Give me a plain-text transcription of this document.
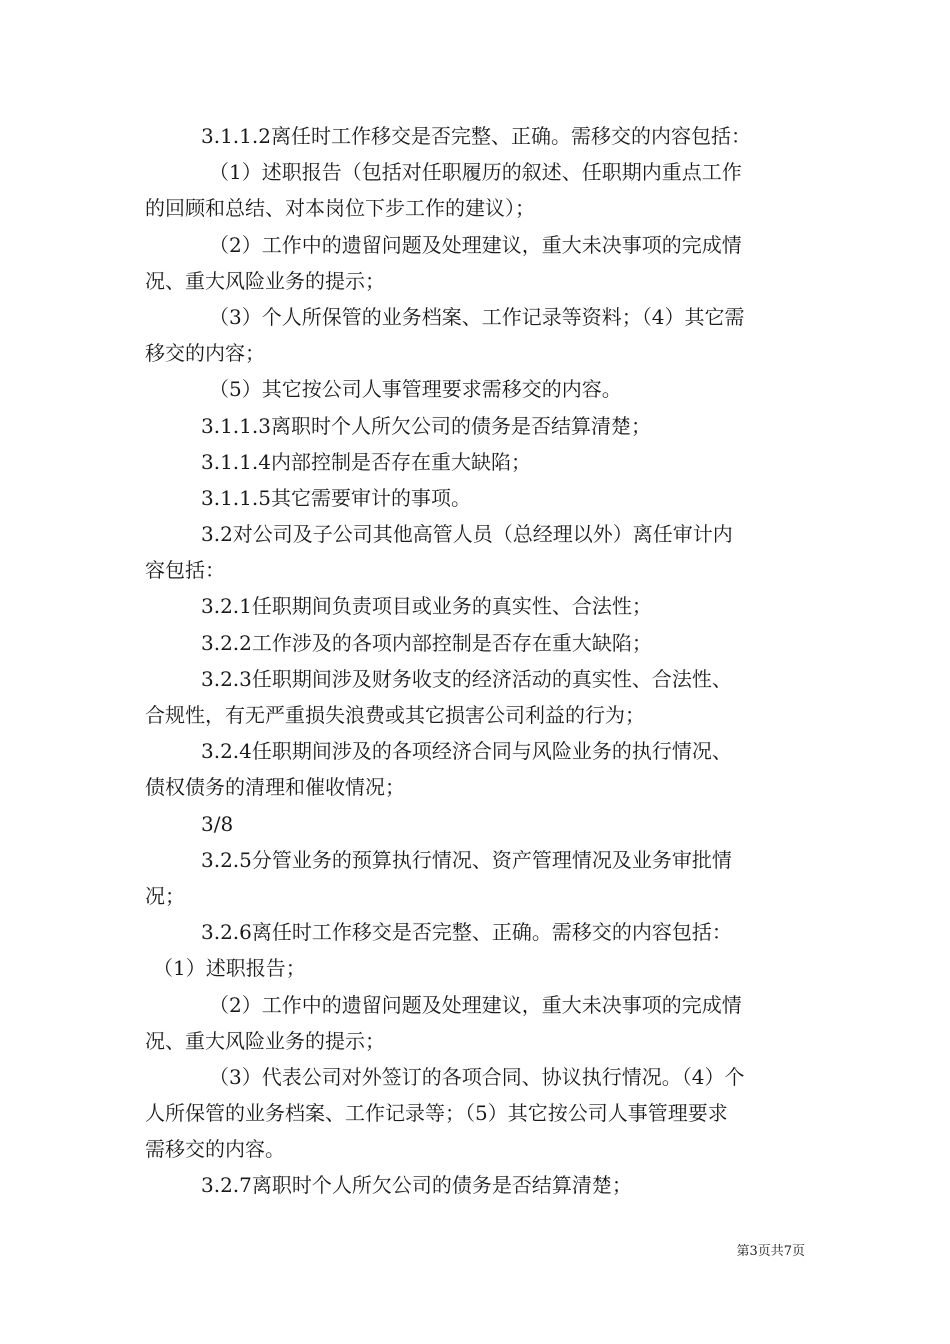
3.1.1.2离任时工作移交是否完整、正确。需移交的内容包括：
（1）述职报告（包括对任职履历的叙述、任职期内重点工作
的回顾和总结、对本岗位下步工作的建议）；
（2）工作中的遗留问题及处理建议，重大未决事项的完成情
况、重大风险业务的提示；
（3）个人所保管的业务档案、工作记录等资料；（4）其它需
移交的内容；
（5）其它按公司人事管理要求需移交的内容。
3.1.1.3离职时个人所欠公司的债务是否结算清楚；
3.1.1.4内部控制是否存在重大缺陷；
3.1.1.5其它需要审计的事项。
3.2对公司及子公司其他高管人员（总经理以外）离任审计内
容包括：
3.2.1任职期间负责项目或业务的真实性、合法性；
3.2.2工作涉及的各项内部控制是否存在重大缺陷；
3.2.3任职期间涉及财务收支的经济活动的真实性、合法性、
合规性，有无严重损失浪费或其它损害公司利益的行为；
3.2.4任职期间涉及的各项经济合同与风险业务的执行情况、
债权债务的清理和催收情况；
3/8
3.2.5分管业务的预算执行情况、资产管理情况及业务审批情
况；
3.2.6离任时工作移交是否完整、正确。需移交的内容包括：
（1）述职报告；
（2）工作中的遗留问题及处理建议，重大未决事项的完成情
况、重大风险业务的提示；
（3）代表公司对外签订的各项合同、协议执行情况。（4）个
人所保管的业务档案、工作记录等；（5）其它按公司人事管理要求
需移交的内容。
3.2.7离职时个人所欠公司的债务是否结算清楚；
第3页共7页
